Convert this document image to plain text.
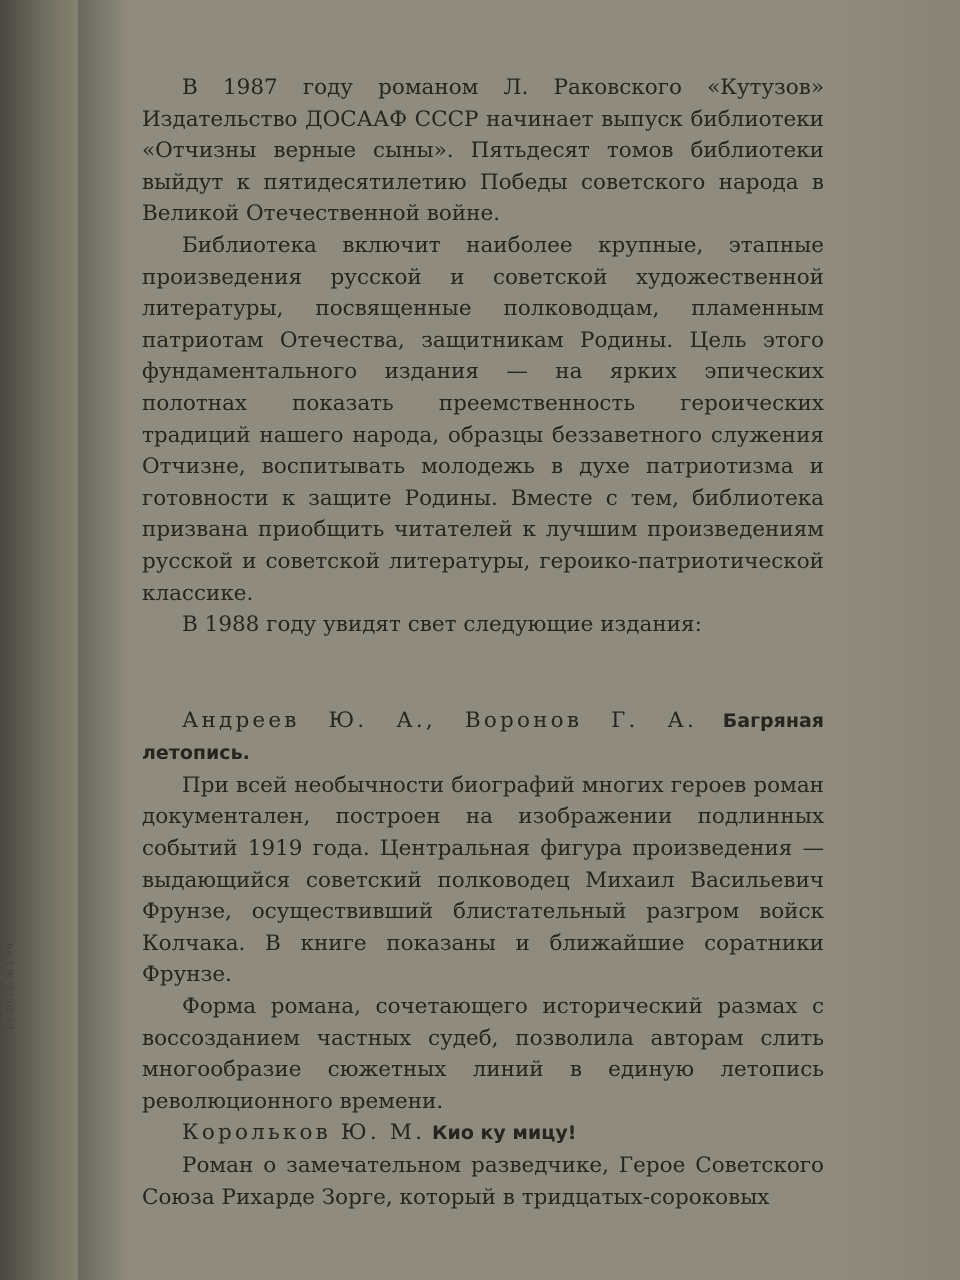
В 1987 году романом Л. Раковского «Кутузов» Издательство ДОСААФ СССР начинает выпуск библиотеки «Отчизны верные сыны». Пятьдесят томов библиотеки выйдут к пятидесятилетию Победы советского народа в Великой Отечественной войне.

Библиотека включит наиболее крупные, этапные произведения русской и советской художественной литературы, посвященные полководцам, пламенным патриотам Отечества, защитникам Родины. Цель этого фундаментального издания — на ярких эпических полотнах показать преемственность героических традиций нашего народа, образцы беззаветного служения Отчизне, воспитывать молодежь в духе патриотизма и готовности к защите Родины. Вместе с тем, библиотека призвана приобщить читателей к лучшим произведениям русской и советской литературы, героико-патриотической классике.

В 1988 году увидят свет следующие издания:

Андреев Ю. А., Воронов Г. А. Багряная летопись.

При всей необычности биографий многих героев роман документален, построен на изображении подлинных событий 1919 года. Центральная фигура произведения — выдающийся советский полководец Михаил Васильевич Фрунзе, осуществивший блистательный разгром войск Колчака. В книге показаны и ближайшие соратники Фрунзе.

Форма романа, сочетающего исторический размах с воссозданием частных судеб, позволила авторам слить многообразие сюжетных линий в единую летопись революционного времени.

Корольков Ю. М. Кио ку мицу!

Роман о замечательном разведчике, Герое Советского Союза Рихарде Зорге, который в тридцатых-сороковых
